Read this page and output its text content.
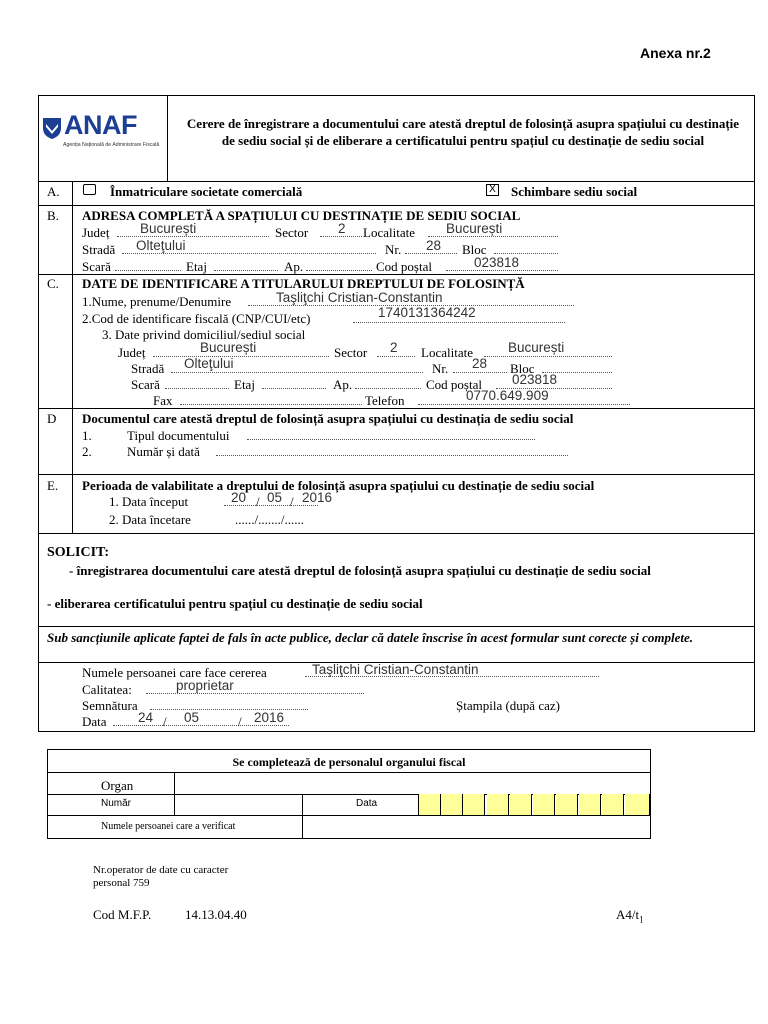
Anexa nr.2
ANAF
Agenția Națională de Administrare Fiscală
Cerere de înregistrare a documentului care atestă dreptul de folosință asupra spațiului cu destinație de sediu social și de eliberare a certificatului pentru spațiul cu destinație de sediu social
A.	Înmatriculare societate comercială	X Schimbare sediu social
B. ADRESA COMPLETĂ A SPAȚIULUI CU DESTINAȚIE DE SEDIU SOCIAL
Județ București	Sector 2 Localitate București
Stradă Olteţului	Nr. 28 Bloc
Scară	Etaj	Ap.	Cod poștal	023818
C. DATE DE IDENTIFICARE A TITULARULUI DREPTULUI DE FOLOSINȚĂ
1.Nume, prenume/Denumire	Taşliţchi Cristian-Constantin
2.Cod de identificare fiscală (CNP/CUI/etc)	1740131364242
3. Date privind domiciliul/sediul social
Județ	București	Sector 2 Localitate	București
Stradă Olteţului	Nr. 28 Bloc
Scară	Etaj	Ap.	Cod poștal 023818
Fax	Telefon	0770.649.909
D Documentul care atestă dreptul de folosință asupra spațiului cu destinația de sediu social
1.	Tipul documentului
2.	Număr și dată
E. Perioada de valabilitate a dreptului de folosință asupra spațiului cu destinație de sediu social
1. Data început	20 / 05 / 2016
2. Data încetare	....../......./......
SOLICIT:
- înregistrarea documentului care atestă dreptul de folosință asupra spațiului cu destinație de sediu social
- eliberarea certificatului pentru spațiul cu destinație de sediu social
Sub sancțiunile aplicate faptei de fals în acte publice, declar că datele înscrise în acest formular sunt corecte și complete.
Numele persoanei care face cererea	Taşliţchi Cristian-Constantin
Calitatea:	proprietar
Semnătura	Ștampila (după caz)
Data 24 / 05	/ 2016
Se completează de personalul organului fiscal
Organ
Număr	Data
Numele persoanei care a verificat
Nr.operator de date cu caracter
personal 759
Cod M.F.P.	14.13.04.40	$A4/t_1$
